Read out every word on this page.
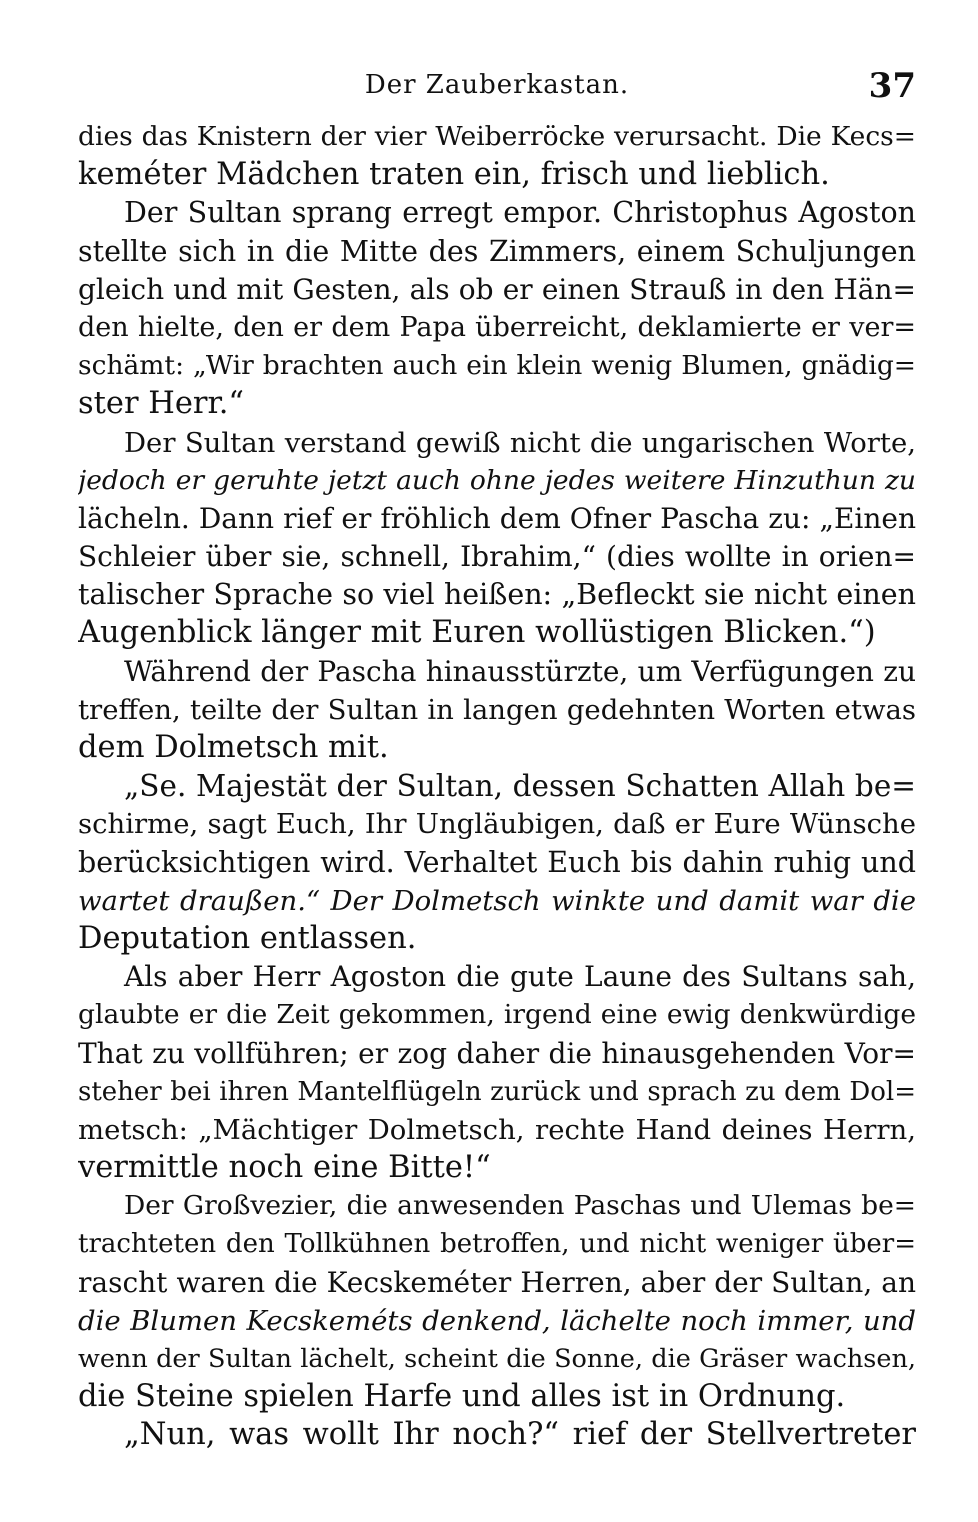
Der Zauberkastan.	37
dies das Knistern der vier Weiberröcke verursacht. Die Kecs=
keméter Mädchen traten ein, frisch und lieblich.
Der Sultan sprang erregt empor. Christophus Agoston
stellte sich in die Mitte des Zimmers, einem Schuljungen
gleich und mit Gesten, als ob er einen Strauß in den Hän=
den hielte, den er dem Papa überreicht, deklamierte er ver=
schämt: „Wir brachten auch ein klein wenig Blumen, gnädig=
ster Herr.“
Der Sultan verstand gewiß nicht die ungarischen Worte,
jedoch er geruhte jetzt auch ohne jedes weitere Hinzuthun zu
lächeln. Dann rief er fröhlich dem Ofner Pascha zu: „Einen
Schleier über sie, schnell, Ibrahim,“ (dies wollte in orien=
talischer Sprache so viel heißen: „Befleckt sie nicht einen
Augenblick länger mit Euren wollüstigen Blicken.“)
Während der Pascha hinausstürzte, um Verfügungen zu
treffen, teilte der Sultan in langen gedehnten Worten etwas
dem Dolmetsch mit.
„Se. Majestät der Sultan, dessen Schatten Allah be=
schirme, sagt Euch, Ihr Ungläubigen, daß er Eure Wünsche
berücksichtigen wird. Verhaltet Euch bis dahin ruhig und
wartet draußen.“ Der Dolmetsch winkte und damit war die
Deputation entlassen.
Als aber Herr Agoston die gute Laune des Sultans sah,
glaubte er die Zeit gekommen, irgend eine ewig denkwürdige
That zu vollführen; er zog daher die hinausgehenden Vor=
steher bei ihren Mantelflügeln zurück und sprach zu dem Dol=
metsch: „Mächtiger Dolmetsch, rechte Hand deines Herrn,
vermittle noch eine Bitte!“
Der Großvezier, die anwesenden Paschas und Ulemas be=
trachteten den Tollkühnen betroffen, und nicht weniger über=
rascht waren die Kecskeméter Herren, aber der Sultan, an
die Blumen Kecskeméts denkend, lächelte noch immer, und
wenn der Sultan lächelt, scheint die Sonne, die Gräser wachsen,
die Steine spielen Harfe und alles ist in Ordnung.
„Nun, was wollt Ihr noch?“ rief der Stellvertreter
